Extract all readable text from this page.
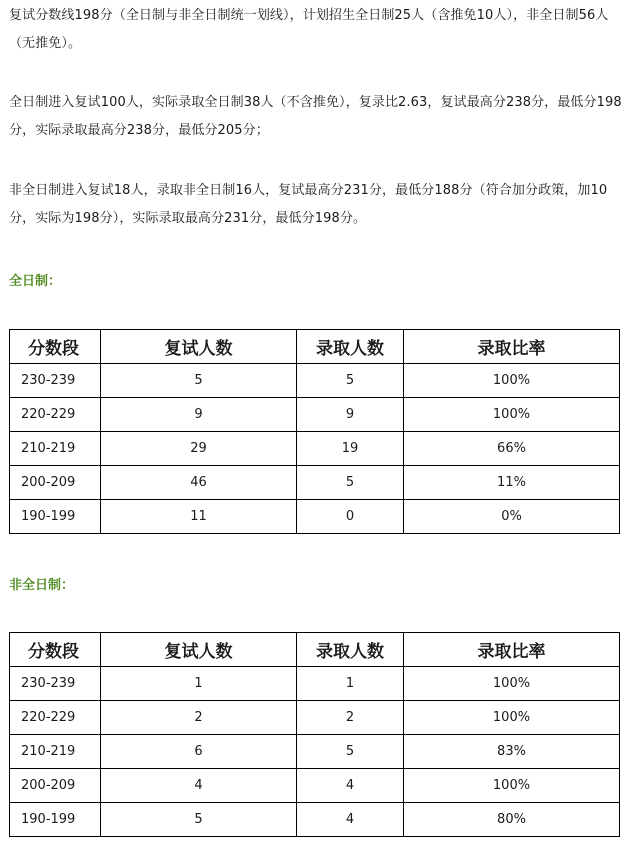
复试分数线198分（全日制与非全日制统一划线），计划招生全日制25人（含推免10人），非全日制56人（无推免）。

全日制进入复试100人，实际录取全日制38人（不含推免），复录比2.63，复试最高分238分，最低分198分，实际录取最高分238分，最低分205分；

非全日制进入复试18人，录取非全日制16人，复试最高分231分，最低分188分（符合加分政策，加10分，实际为198分），实际录取最高分231分，最低分198分。

全日制：
分数段	复试人数	录取人数	录取比率
230-239	5	5	100%
220-229	9	9	100%
210-219	29	19	66%
200-209	46	5	11%
190-199	11	0	0%
非全日制：
分数段	复试人数	录取人数	录取比率
230-239	1	1	100%
220-229	2	2	100%
210-219	6	5	83%
200-209	4	4	100%
190-199	5	4	80%
